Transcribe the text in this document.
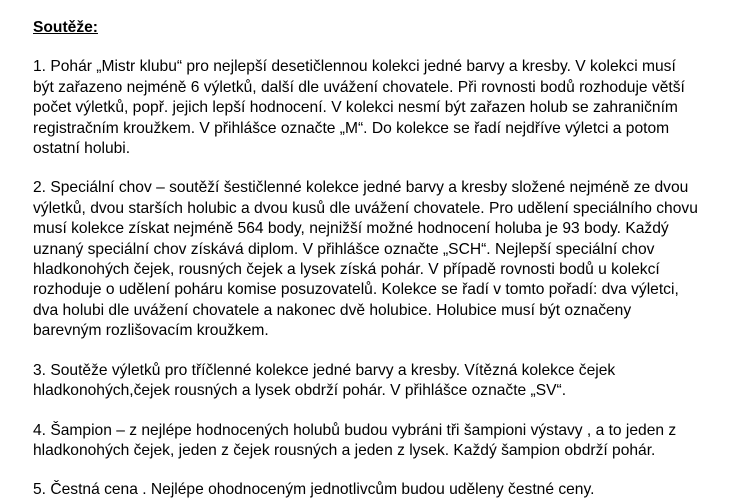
Soutěže:

1. Pohár „Mistr klubu“ pro nejlepší desetičlennou kolekci jedné barvy a kresby. V kolekci musí
být zařazeno nejméně 6 výletků, další dle uvážení chovatele. Při rovnosti bodů rozhoduje větší
počet výletků, popř. jejich lepší hodnocení. V kolekci nesmí být zařazen holub se zahraničním
registračním kroužkem. V přihlášce označte „M“. Do kolekce se řadí nejdříve výletci a potom
ostatní holubi.

2. Speciální chov – soutěží šestičlenné kolekce jedné barvy a kresby složené nejméně ze dvou
výletků, dvou starších holubic a dvou kusů dle uvážení chovatele. Pro udělení speciálního chovu
musí kolekce získat nejméně 564 body, nejnižší možné hodnocení holuba je 93 body. Každý
uznaný speciální chov získává diplom. V přihlášce označte „SCH“. Nejlepší speciální chov
hladkonohých čejek, rousných čejek a lysek získá pohár. V případě rovnosti bodů u kolekcí
rozhoduje o udělení poháru komise posuzovatelů. Kolekce se řadí v tomto pořadí: dva výletci,
dva holubi dle uvážení chovatele a nakonec dvě holubice. Holubice musí být označeny
barevným rozlišovacím kroužkem.

3. Soutěže výletků pro tříčlenné kolekce jedné barvy a kresby. Vítězná kolekce čejek
hladkonohých,čejek rousných a lysek obdrží pohár. V přihlášce označte „SV“.

4. Šampion – z nejlépe hodnocených holubů budou vybráni tři šampioni výstavy , a to jeden z
hladkonohých čejek, jeden z čejek rousných a jeden z lysek. Každý šampion obdrží pohár.

5. Čestná cena . Nejlépe ohodnoceným jednotlivcům budou uděleny čestné ceny.
